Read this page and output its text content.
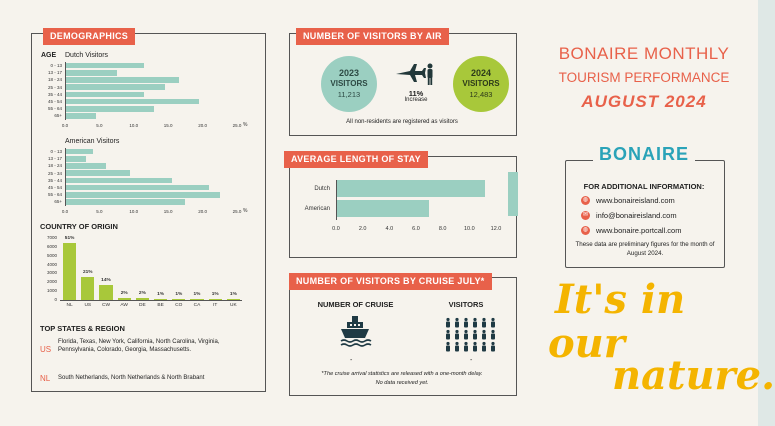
DEMOGRAPHICS
AGE Dutch Visitors
0 - 13
13 - 17
18 - 24
25 - 34
35 - 44
45 - 54
55 - 64
65+
0.0	5.0	10.0	15.0	20.0	25.0 %
American Visitors
0 - 13
13 - 17
18 - 24
25 - 34
35 - 44
45 - 54
55 - 64
65+
0.0	5.0	10.0	15.0	20.0	25.0 %
COUNTRY OF ORIGIN
7000
6000
5000
4000
3000
2000
1000
0
51%
NL
21%
US
14%
CW
2%
AW
2%
DE
1%
BE
1%
CO
1%
CA
1%
IT
1%
UK
TOP STATES & REGION
US
Florida, Texas, New York, California, North Carolina, Virginia, Pennsylvania, Colorado, Georgia, Massachusetts.
NL South Netherlands, North Netherlands & North Brabant
NUMBER OF VISITORS BY AIR
2023
VISITORS
11,213	11%
Increase
2024
VISITORS
12,483
All non-residents are registered as visitors
AVERAGE LENGTH OF STAY
Dutch
American
0.0	2.0	4.0	6.0	8.0	10.0	12.0
NUMBER OF VISITORS BY CRUISE JULY*
NUMBER OF CRUISE	VISITORS
-	-
*The cruise arrival statistics are released with a one-month delay.
No data received yet.
BONAIRE MONTHLY
TOURISM PERFORMANCE
AUGUST 2024
BONAIRE
FOR ADDITIONAL INFORMATION:
◍ www.bonaireisland.com
✉ info@bonaireisland.com
◍ www.bonaire.portcall.com
These data are preliminary figures for the month of August 2024.
It's in
our
nature.
